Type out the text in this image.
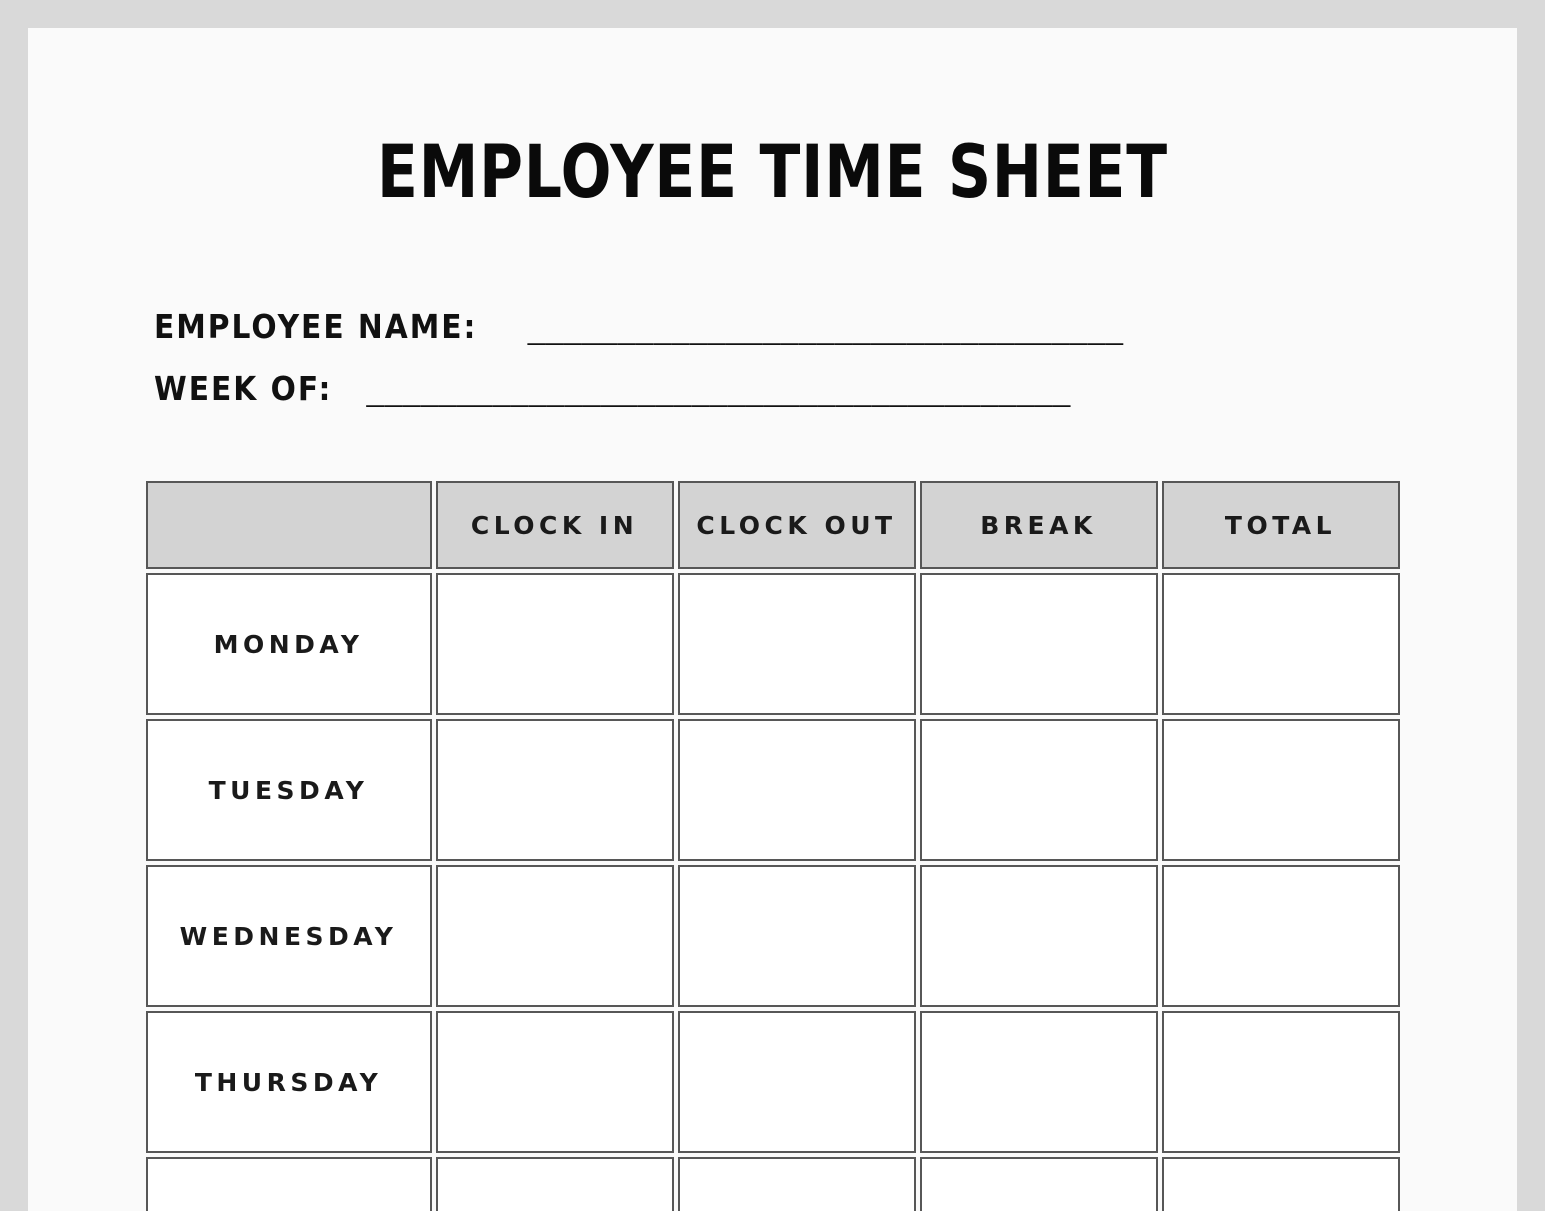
EMPLOYEE TIME SHEET
EMPLOYEE NAME: _________________________________
WEEK OF: _______________________________________
	CLOCK IN	CLOCK OUT	BREAK	TOTAL
MONDAY				
TUESDAY				
WEDNESDAY				
THURSDAY				
